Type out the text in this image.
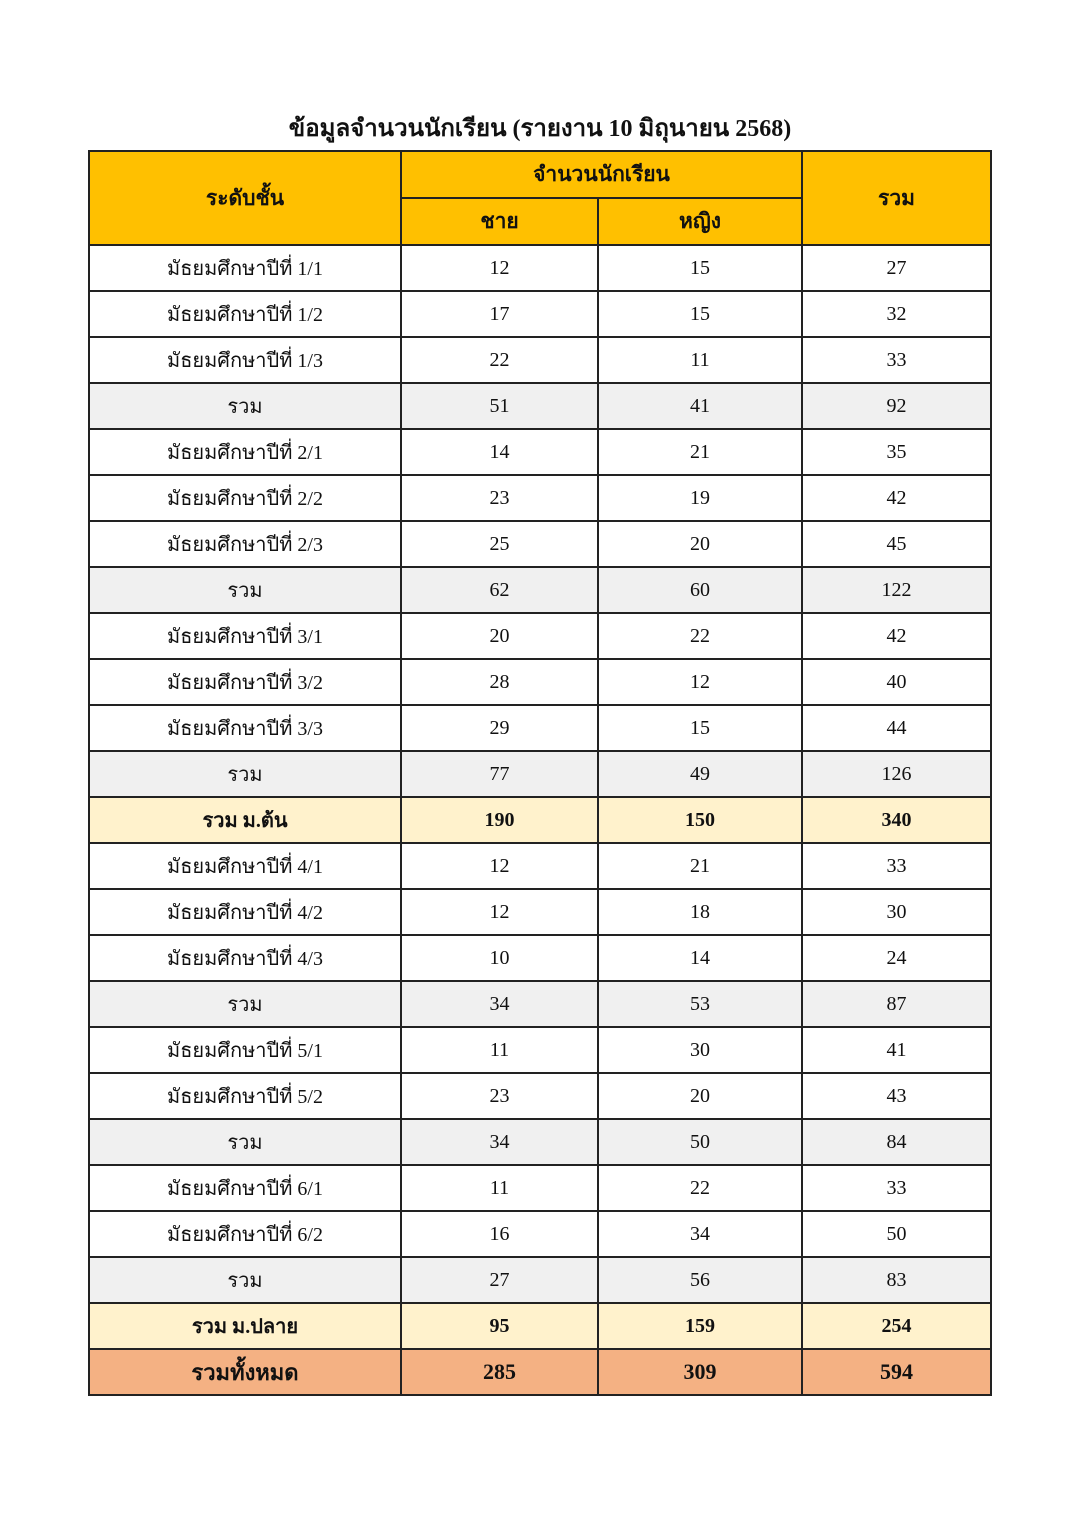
ข้อมูลจำนวนนักเรียน (รายงาน 10 มิถุนายน 2568)
ระดับชั้น	จำนวนนักเรียน		รวม
	ชาย	หญิง	
มัธยมศึกษาปีที่ 1/1	12	15	27
มัธยมศึกษาปีที่ 1/2	17	15	32
มัธยมศึกษาปีที่ 1/3	22	11	33
รวม	51	41	92
มัธยมศึกษาปีที่ 2/1	14	21	35
มัธยมศึกษาปีที่ 2/2	23	19	42
มัธยมศึกษาปีที่ 2/3	25	20	45
รวม	62	60	122
มัธยมศึกษาปีที่ 3/1	20	22	42
มัธยมศึกษาปีที่ 3/2	28	12	40
มัธยมศึกษาปีที่ 3/3	29	15	44
รวม	77	49	126
รวม ม.ต้น	190	150	340
มัธยมศึกษาปีที่ 4/1	12	21	33
มัธยมศึกษาปีที่ 4/2	12	18	30
มัธยมศึกษาปีที่ 4/3	10	14	24
รวม	34	53	87
มัธยมศึกษาปีที่ 5/1	11	30	41
มัธยมศึกษาปีที่ 5/2	23	20	43
รวม	34	50	84
มัธยมศึกษาปีที่ 6/1	11	22	33
มัธยมศึกษาปีที่ 6/2	16	34	50
รวม	27	56	83
รวม ม.ปลาย	95	159	254
รวมทั้งหมด	285	309	594
